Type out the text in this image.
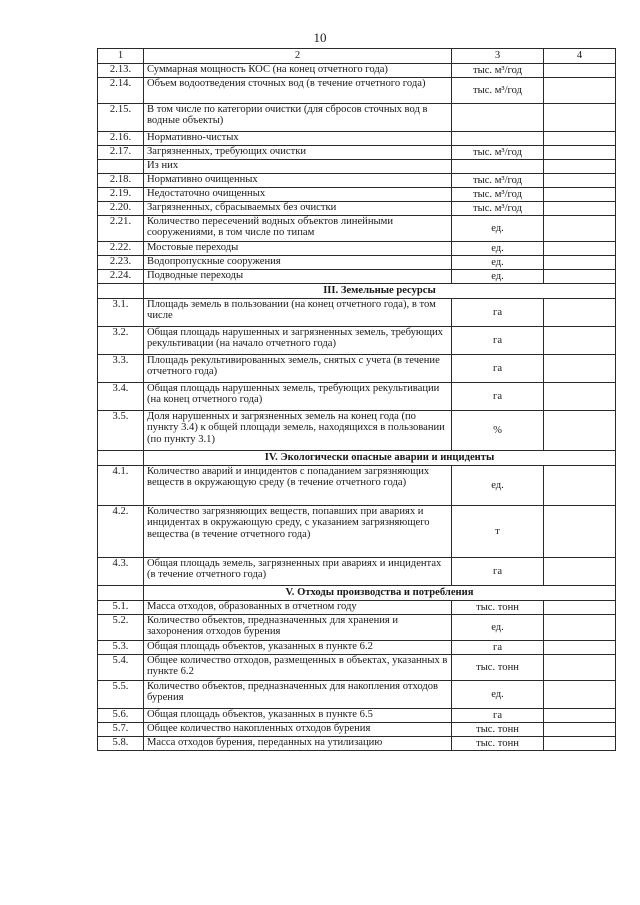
10
1	2	3	4
2.13.	Суммарная мощность КОС (на конец отчетного года)	тыс. м³/год	
2.14.	Объем водоотведения сточных вод (в течение отчетного года)	тыс. м³/год	
2.15.	В том числе по категории очистки (для сбросов сточных вод в водные объекты)		
2.16.	Нормативно-чистых		
2.17.	Загрязненных, требующих очистки	тыс. м³/год	
	Из них		
2.18.	Нормативно очищенных	тыс. м³/год	
2.19.	Недостаточно очищенных	тыс. м³/год	
2.20.	Загрязненных, сбрасываемых без очистки	тыс. м³/год	
2.21.	Количество пересечений водных объектов линейными сооружениями, в том числе по типам	ед.	
2.22.	Мостовые переходы	ед.	
2.23.	Водопропускные сооружения	ед.	
2.24.	Подводные переходы	ед.	
	III. Земельные ресурсы		
3.1.	Площадь земель в пользовании (на конец отчетного года), в том числе	га	
3.2.	Общая площадь нарушенных и загрязненных земель, требующих рекультивации (на начало отчетного года)	га	
3.3.	Площадь рекультивированных земель, снятых с учета (в течение отчетного года)	га	
3.4.	Общая площадь нарушенных земель, требующих рекультивации (на конец отчетного года)	га	
3.5.	Доля нарушенных и загрязненных земель на конец года (по пункту 3.4) к общей площади земель, находящихся в пользовании (по пункту 3.1)	%	
	IV. Экологически опасные аварии и инциденты		
4.1.	Количество аварий и инцидентов с попаданием загрязняющих веществ в окружающую среду (в течение отчетного года)	ед.	
4.2.	Количество загрязняющих веществ, попавших при авариях и инцидентах в окружающую среду, с указанием загрязняющего вещества (в течение отчетного года)	т	
4.3.	Общая площадь земель, загрязненных при авариях и инцидентах (в течение отчетного года)	га	
	V. Отходы производства и потребления		
5.1.	Масса отходов, образованных в отчетном году	тыс. тонн	
5.2.	Количество объектов, предназначенных для хранения и захоронения отходов бурения	ед.	
5.3.	Общая площадь объектов, указанных в пункте 6.2	га	
5.4.	Общее количество отходов, размещенных в объектах, указанных в пункте 6.2	тыс. тонн	
5.5.	Количество объектов, предназначенных для накопления отходов бурения	ед.	
5.6.	Общая площадь объектов, указанных в пункте 6.5	га	
5.7.	Общее количество накопленных отходов бурения	тыс. тонн	
5.8.	Масса отходов бурения, переданных на утилизацию	тыс. тонн	
